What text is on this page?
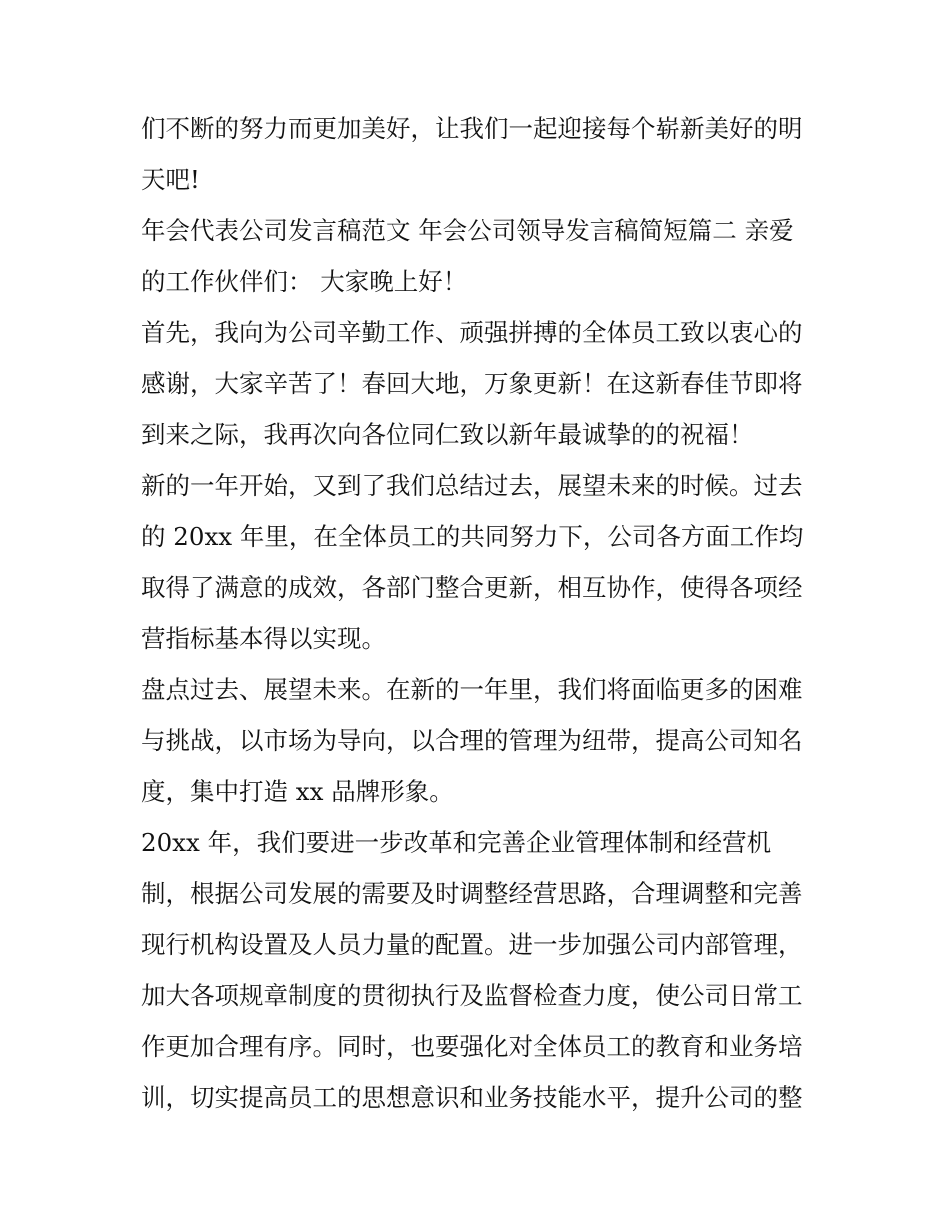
们不断的努力而更加美好，让我们一起迎接每个崭新美好的明
天吧!
年会代表公司发言稿范文 年会公司领导发言稿简短篇二 亲爱
的工作伙伴们： 大家晚上好！
首先，我向为公司辛勤工作、顽强拼搏的全体员工致以衷心的
感谢，大家辛苦了！春回大地，万象更新！在这新春佳节即将
到来之际，我再次向各位同仁致以新年最诚挚的的祝福！
新的一年开始，又到了我们总结过去，展望未来的时候。过去
的 20xx 年里，在全体员工的共同努力下，公司各方面工作均
取得了满意的成效，各部门整合更新，相互协作，使得各项经
营指标基本得以实现。
盘点过去、展望未来。在新的一年里，我们将面临更多的困难
与挑战，以市场为导向，以合理的管理为纽带，提高公司知名
度，集中打造 xx 品牌形象。
20xx 年，我们要进一步改革和完善企业管理体制和经营机
制，根据公司发展的需要及时调整经营思路，合理调整和完善
现行机构设置及人员力量的配置。进一步加强公司内部管理，
加大各项规章制度的贯彻执行及监督检查力度，使公司日常工
作更加合理有序。同时，也要强化对全体员工的教育和业务培
训，切实提高员工的思想意识和业务技能水平，提升公司的整
